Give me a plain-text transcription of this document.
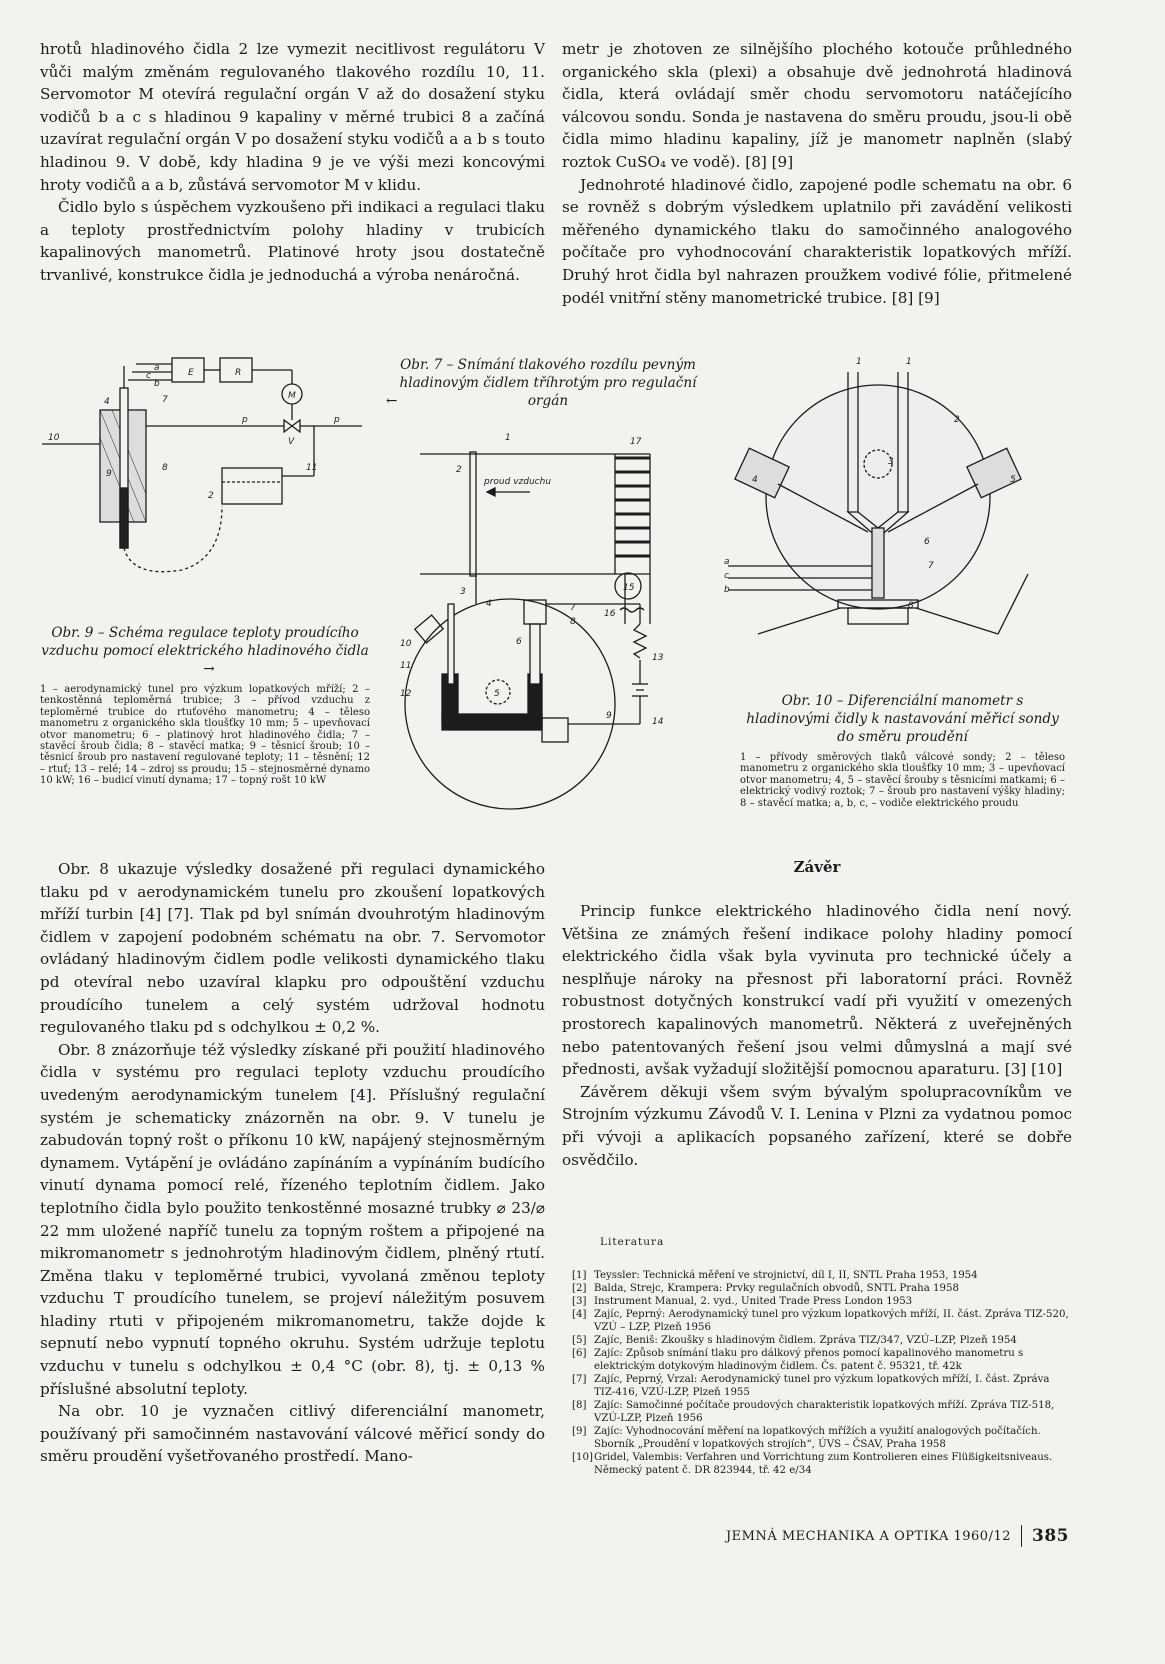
hrotů hladinového čidla 2 lze vymezit necitlivost regulátoru V vůči malým změnám regulovaného tlakového rozdílu 10, 11. Servomotor M otevírá regulační orgán V až do dosažení styku vodičů b a c s hladinou 9 kapaliny v měrné trubici 8 a začíná uzavírat regulační orgán V po dosažení styku vodičů a a b s touto hladinou 9. V době, kdy hladina 9 je ve výši mezi koncovými hroty vodičů a a b, zůstává servomotor M v klidu.

Čidlo bylo s úspěchem vyzkoušeno při indikaci a regulaci tlaku a teploty prostřednictvím polohy hladiny v trubicích kapalinových manometrů. Platinové hroty jsou dostatečně trvanlivé, konstrukce čidla je jednoduchá a výroba nenáročná.

metr je zhotoven ze silnějšího plochého kotouče průhledného organického skla (plexi) a obsahuje dvě jednohrotá hladinová čidla, která ovládají směr chodu servomotoru natáčejícího válcovou sondu. Sonda je nastavena do směru proudu, jsou-li obě čidla mimo hladinu kapaliny, jíž je manometr naplněn (slabý roztok CuSO₄ ve vodě). [8] [9]

Jednohroté hladinové čidlo, zapojené podle schematu na obr. 6 se rovněž s dobrým výsledkem uplatnilo při zavádění velikosti měřeného dynamického tlaku do samočinného analogového počítače pro vyhodnocování charakteristik lopatkových mříží. Druhý hrot čidla byl nahrazen proužkem vodivé fólie, přitmelené podél vnitřní stěny manometrické trubice. [8] [9]

E	R
M
V
p	p
10
11
2
4	7
8
9
a
b
c
Obr. 7 – Snímání tlakového rozdílu pevným hladinovým čidlem tříhrotým pro regulační orgán
←
Obr. 9 – Schéma regulace teploty proudícího vzduchu pomocí elektrického hladinového čidla →
1 – aerodynamický tunel pro výzkum lopatkových mříží; 2 – tenkostěnná teploměrná trubice; 3 – přívod vzduchu z teploměrné trubice do rtuťového manometru; 4 – těleso manometru z organického skla tloušťky 10 mm; 5 – upevňovací otvor manometru; 6 – platinový hrot hladinového čidla; 7 – stavěcí šroub čidla; 8 – stavěcí matka; 9 – těsnicí šroub; 10 – těsnicí šroub pro nastavení regulované teploty; 11 – těsnění; 12 – rtuť; 13 – relé; 14 – zdroj ss proudu; 15 – stejnosměrné dynamo 10 kW; 16 – budicí vinutí dynama; 17 – topný rošt 10 kW
1	17
2
proud vzduchu
3
4
5
6
7
8
9
10
11
12
13
14
15
16
1	1
2
3
4	5
6
7
8
a
c
b
Obr. 10 – Diferenciální manometr s hladinovými čidly k nastavování měřicí sondy do směru proudění
1 – přívody směrových tlaků válcové sondy; 2 – těleso manometru z organického skla tloušťky 10 mm; 3 – upevňovací otvor manometru; 4, 5 – stavěcí šrouby s těsnicími matkami; 6 – elektrický vodivý roztok; 7 – šroub pro nastavení výšky hladiny; 8 – stavěcí matka; a, b, c, – vodiče elektrického proudu

Obr. 8 ukazuje výsledky dosažené při regulaci dynamického tlaku pd v aerodynamickém tunelu pro zkoušení lopatkových mříží turbin [4] [7]. Tlak pd byl snímán dvouhrotým hladinovým čidlem v zapojení podobném schématu na obr. 7. Servomotor ovládaný hladinovým čidlem podle velikosti dynamického tlaku pd otevíral nebo uzavíral klapku pro odpouštění vzduchu proudícího tunelem a celý systém udržoval hodnotu regulovaného tlaku pd s odchylkou ± 0,2 %.

Obr. 8 znázorňuje též výsledky získané při použití hladinového čidla v systému pro regulaci teploty vzduchu proudícího uvedeným aerodynamickým tunelem [4]. Příslušný regulační systém je schematicky znázorněn na obr. 9. V tunelu je zabudován topný rošt o příkonu 10 kW, napájený stejnosměrným dynamem. Vytápění je ovládáno zapínáním a vypínáním budícího vinutí dynama pomocí relé, řízeného teplotním čidlem. Jako teplotního čidla bylo použito tenkostěnné mosazné trubky ⌀ 23/⌀ 22 mm uložené napříč tunelu za topným roštem a připojené na mikromanometr s jednohrotým hladinovým čidlem, plněný rtutí. Změna tlaku v teploměrné trubici, vyvolaná změnou teploty vzduchu T proudícího tunelem, se projeví náležitým posuvem hladiny rtuti v připojeném mikromanometru, takže dojde k sepnutí nebo vypnutí topného okruhu. Systém udržuje teplotu vzduchu v tunelu s odchylkou ± 0,4 °C (obr. 8), tj. ± 0,13 % příslušné absolutní teploty.

Na obr. 10 je vyznačen citlivý diferenciální manometr, používaný při samočinném nastavování válcové měřicí sondy do směru proudění vyšetřovaného prostředí. Mano-

Závěr

Princip funkce elektrického hladinového čidla není nový. Většina ze známých řešení indikace polohy hladiny pomocí elektrického čidla však byla vyvinuta pro technické účely a nesplňuje nároky na přesnost při laboratorní práci. Rovněž robustnost dotyčných konstrukcí vadí při využití v omezených prostorech kapalinových manometrů. Některá z uveřejněných nebo patentovaných řešení jsou velmi důmyslná a mají své přednosti, avšak vyžadují složitější pomocnou aparaturu. [3] [10]

Závěrem děkuji všem svým bývalým spolupracovníkům ve Strojním výzkumu Závodů V. I. Lenina v Plzni za vydatnou pomoc při vývoji a aplikacích popsaného zařízení, které se dobře osvědčilo.

Literatura
[1] Teyssler: Technická měření ve strojnictví, díl I, II, SNTL Praha 1953, 1954
[2] Balda, Strejc, Krampera: Prvky regulačních obvodů, SNTL Praha 1958
[3] Instrument Manual, 2. vyd., United Trade Press London 1953
[4] Zajíc, Peprný: Aerodynamický tunel pro výzkum lopatkových mříží, II. část. Zpráva TIZ-520, VZÚ – LZP, Plzeň 1956
[5] Zajíc, Beniš: Zkoušky s hladinovým čidlem. Zpráva TIZ/347, VZÚ–LZP, Plzeň 1954
[6] Zajíc: Způsob snímání tlaku pro dálkový přenos pomocí kapalinového manometru s elektrickým dotykovým hladinovým čidlem. Čs. patent č. 95321, tř. 42k
[7] Zajíc, Peprný, Vrzal: Aerodynamický tunel pro výzkum lopatkových mříží, I. část. Zpráva TIZ-416, VZÚ-LZP, Plzeň 1955
[8] Zajíc: Samočinné počítače proudových charakteristik lopatkových mříží. Zpráva TIZ-518, VZÚ-LZP, Plzeň 1956
[9] Zajíc: Vyhodnocování měření na lopatkových mřížích a využití analogových počítačích. Sborník „Proudění v lopatkových strojích“, ÚVS – ČSAV, Praha 1958
[10] Gridel, Valembis: Verfahren und Vorrichtung zum Kontrolieren eines Flüßigkeitsniveaus. Německý patent č. DR 823944, tř. 42 e/34
JEMNÁ MECHANIKA A OPTIKA 1960/12 385
